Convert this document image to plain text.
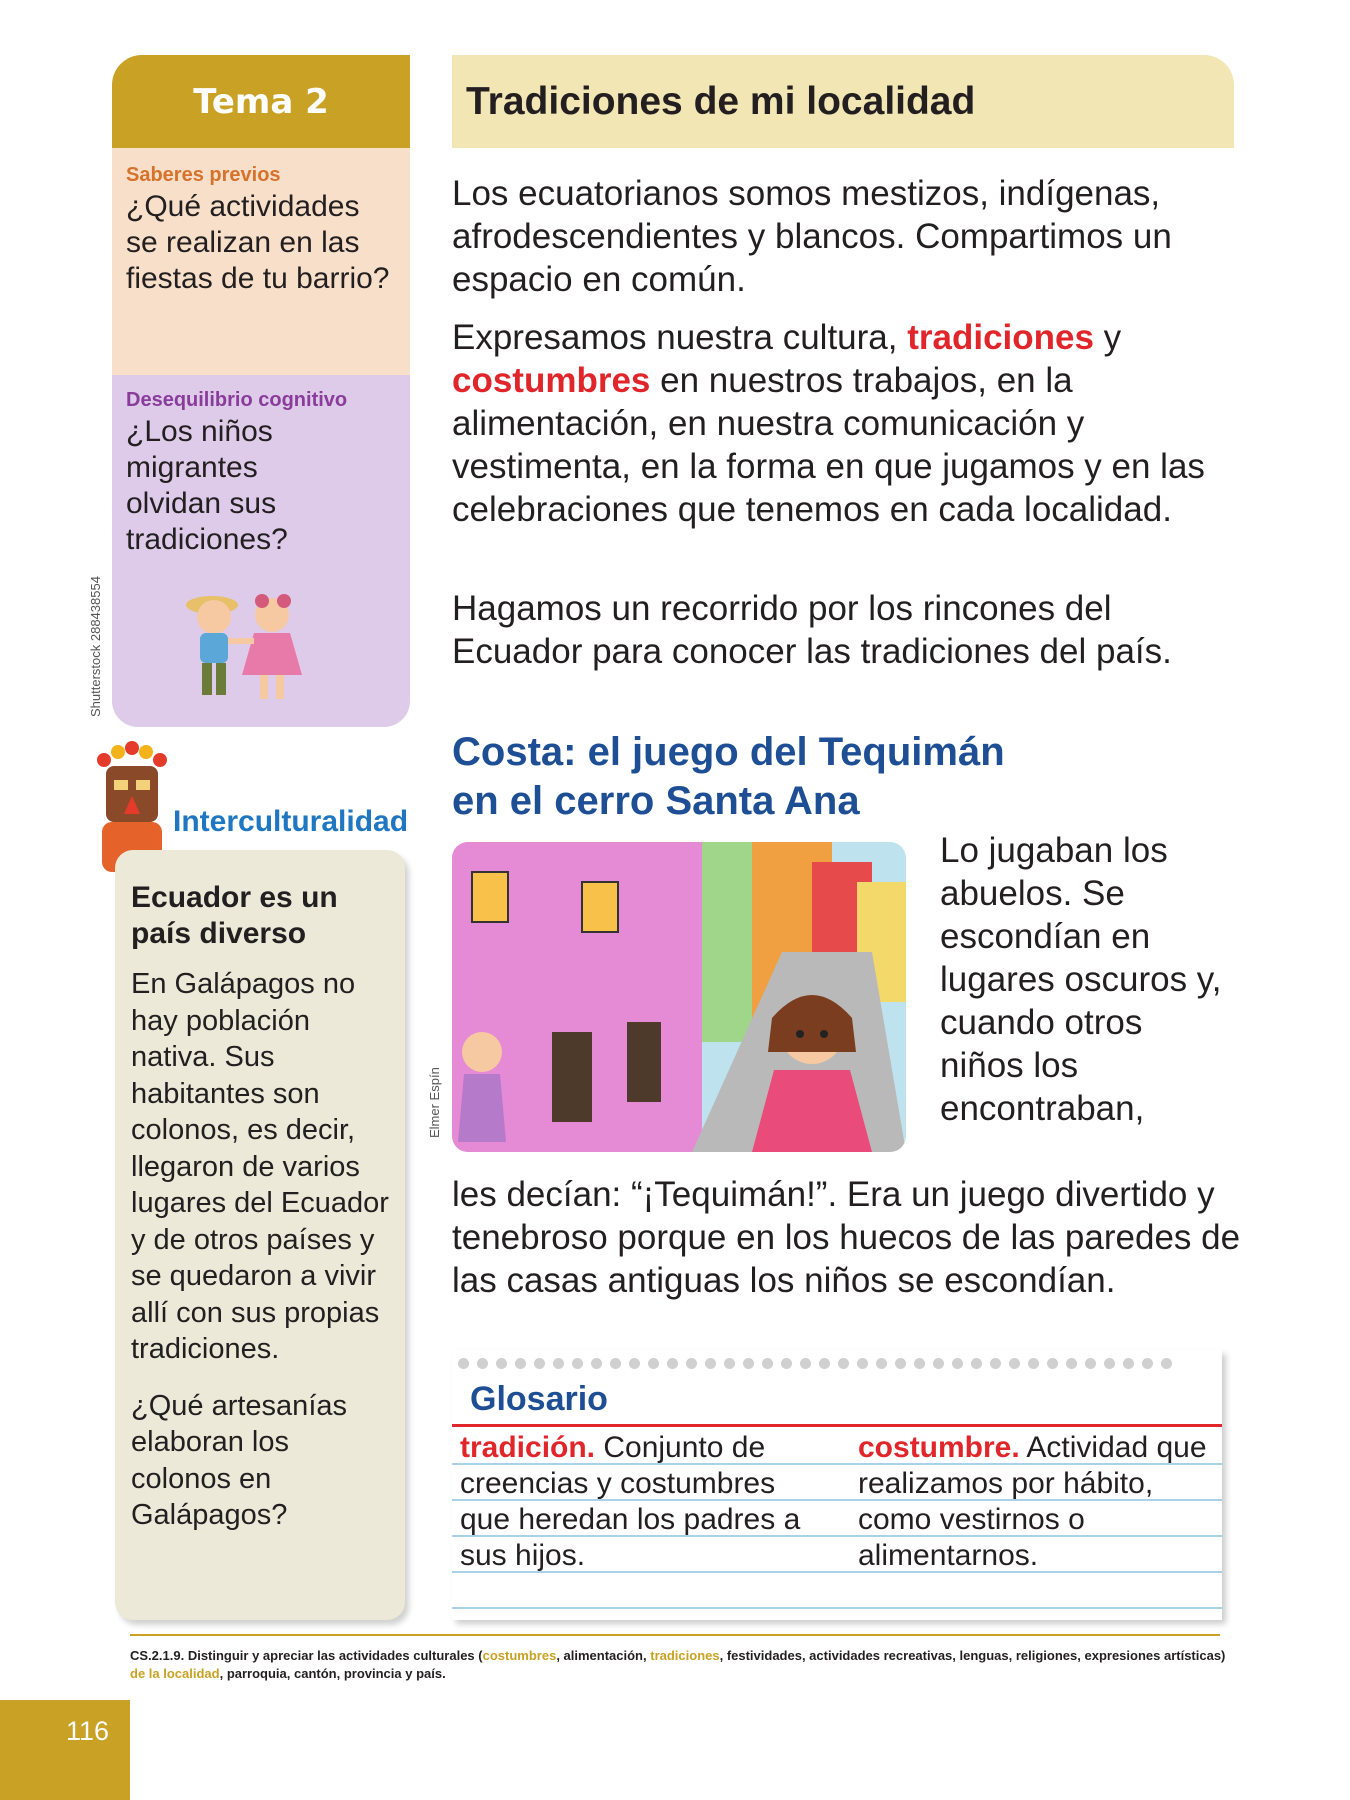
Tema 2
Saberes previos
¿Qué actividades se realizan en las fiestas de tu barrio?
Desequilibrio cognitivo
¿Los niños migrantes olvidan sus tradiciones?
Shutterstock 288438554
Interculturalidad
Ecuador es un país diverso
En Galápagos no hay población nativa. Sus habitantes son colonos, es decir, llegaron de varios lugares del Ecuador y de otros países y se quedaron a vivir allí con sus propias tradiciones.
¿Qué artesanías elaboran los colonos en Galápagos?
Tradiciones de mi localidad
Los ecuatorianos somos mestizos, indígenas, afrodescendientes y blancos. Compartimos un espacio en común.
Expresamos nuestra cultura, tradiciones y costumbres en nuestros trabajos, en la alimentación, en nuestra comunicación y vestimenta, en la forma en que jugamos y en las celebraciones que tenemos en cada localidad.
Hagamos un recorrido por los rincones del Ecuador para conocer las tradiciones del país.
Costa: el juego del Tequimán
en el cerro Santa Ana
Elmer Espín
Lo jugaban los abuelos. Se escondían en lugares oscuros y, cuando otros niños los encontraban,
les decían: “¡Tequimán!”. Era un juego divertido y tenebroso porque en los huecos de las paredes de las casas antiguas los niños se escondían.
Glosario
tradición. Conjunto de creencias y costumbres que heredan los padres a sus hijos.
costumbre. Actividad que realizamos por hábito, como vestirnos o alimentarnos.
CS.2.1.9. Distinguir y apreciar las actividades culturales (costumbres, alimentación, tradiciones, festividades, actividades recreativas, lenguas, religiones, expresiones artísticas) de la localidad, parroquia, cantón, provincia y país.
116
